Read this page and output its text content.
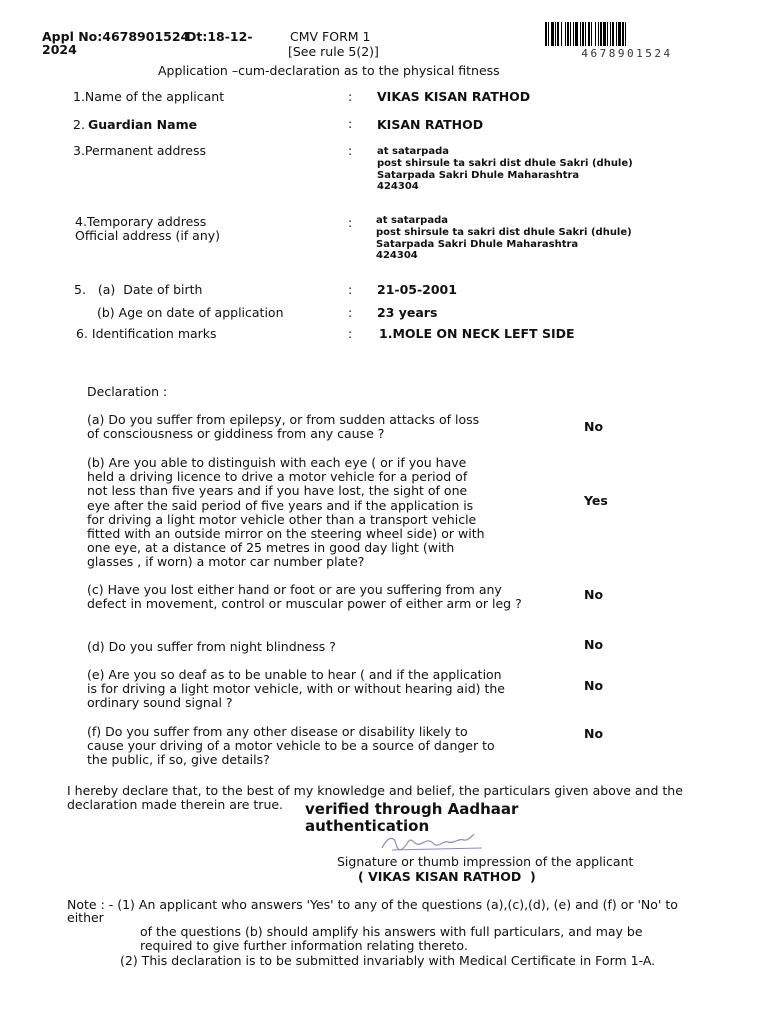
Appl No:4678901524
Dt:18-12-
2024
CMV FORM 1
[See rule 5(2)]
Application –cum-declaration as to the physical fitness
4678901524
1.Name of the applicant	: VIKAS KISAN RATHOD
2. Guardian Name	: KISAN RATHOD
3.Permanent address	: at satarpada
post shirsule ta sakri dist dhule Sakri (dhule)
Satarpada Sakri Dhule Maharashtra
424304
4.Temporary address
Official address (if any)
: at satarpada
post shirsule ta sakri dist dhule Sakri (dhule)
Satarpada Sakri Dhule Maharashtra
424304
5.   (a)  Date of birth	: 21-05-2001
(b) Age on date of application	: 23 years
6. Identification marks	: 1.MOLE ON NECK LEFT SIDE
Declaration :
(a) Do you suffer from epilepsy, or from sudden attacks of loss of consciousness or giddiness from any cause ?	No
(b) Are you able to distinguish with each eye ( or if you have held a driving licence to drive a motor vehicle for a period of not less than five years and if you have lost, the sight of one eye after the said period of five years and if the application is for driving a light motor vehicle other than a transport vehicle fitted with an outside mirror on the steering wheel side) or with one eye, at a distance of 25 metres in good day light (with glasses , if worn) a motor car number plate?
Yes
(c) Have you lost either hand or foot or are you suffering from any defect in movement, control or muscular power of either arm or leg ?
No
(d) Do you suffer from night blindness ?	No
(e) Are you so deaf as to be unable to hear ( and if the application is for driving a light motor vehicle, with or without hearing aid) the ordinary sound signal ?
No
(f) Do you suffer from any other disease or disability likely to cause your driving of a motor vehicle to be a source of danger to the public, if so, give details?
No
I hereby declare that, to the best of my knowledge and belief, the particulars given above and the
declaration made therein are true. verified through Aadhaar
authentication
Signature or thumb impression of the applicant
( VIKAS KISAN RATHOD  )
Note : - (1) An applicant who answers 'Yes' to any of the questions (a),(c),(d), (e) and (f) or 'No' to
either
of the questions (b) should amplify his answers with full particulars, and may be
required to give further information relating thereto.
(2) This declaration is to be submitted invariably with Medical Certificate in Form 1-A.
